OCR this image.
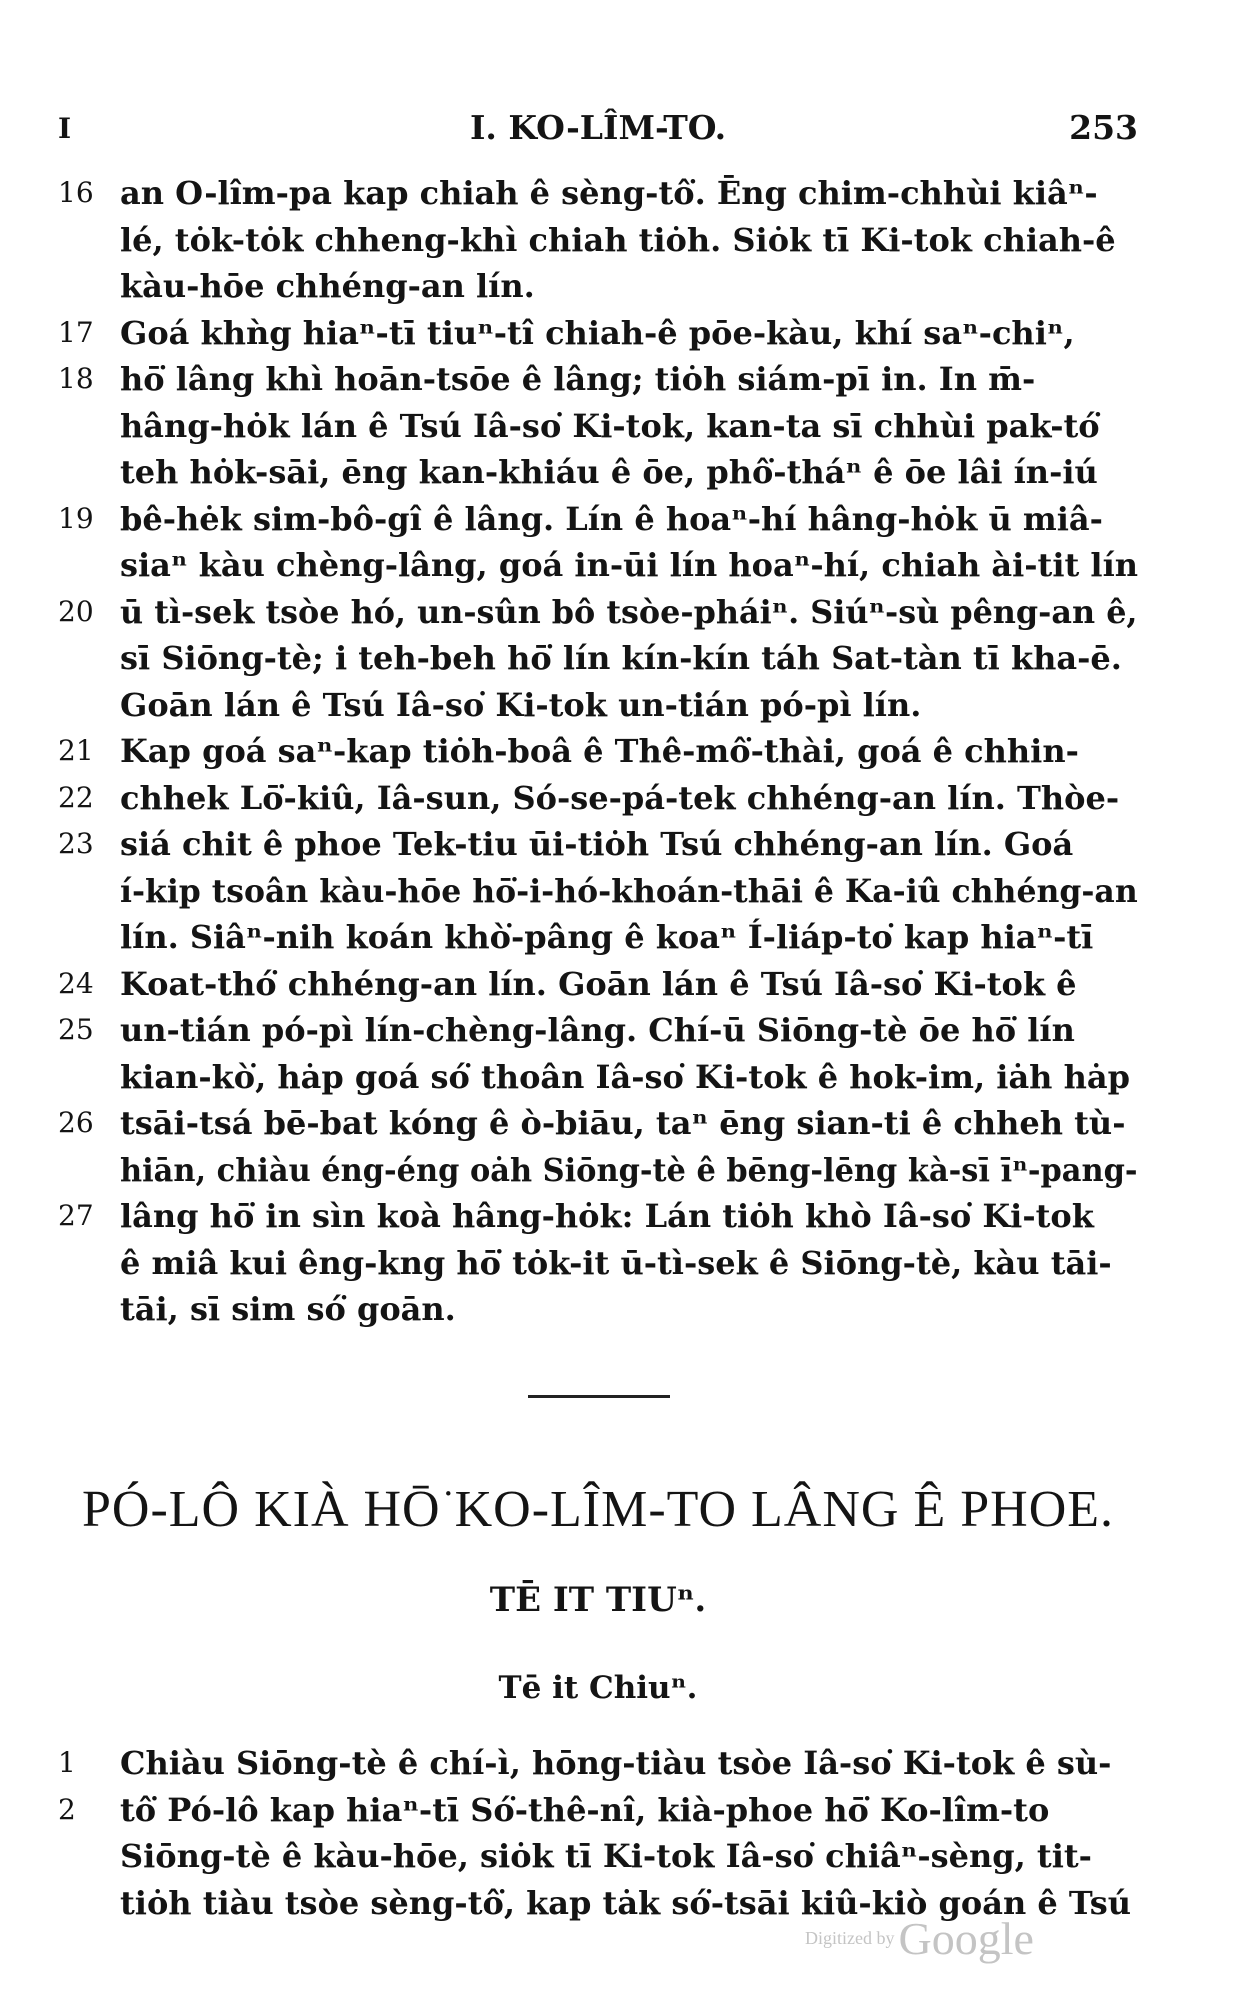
I	I. KO-LÎM-TO.	253
16 an O-lîm-pa kap chiah ê sèng-tô͘. Ēng chim-chhùi kiâⁿ-
lé, tȯk-tȯk chheng-khì chiah tiȯh. Siȯk tī Ki-tok chiah-ê
kàu-hōe chhéng-an lín.
17 Goá khǹg hiaⁿ-tī tiuⁿ-tî chiah-ê pōe-kàu, khí saⁿ-chiⁿ,
18 hō͘ lâng khì hoān-tsōe ê lâng; tiȯh siám-pī in. In m̄-
hâng-hȯk lán ê Tsú Iâ-so͘ Ki-tok, kan-ta sī chhùi pak-tó͘
teh hȯk-sāi, ēng kan-khiáu ê ōe, phô͘-tháⁿ ê ōe lâi ín-iú
19 bê-hėk sim-bô-gî ê lâng. Lín ê hoaⁿ-hí hâng-hȯk ū miâ-
siaⁿ kàu chèng-lâng, goá in-ūi lín hoaⁿ-hí, chiah ài-tit lín
20 ū tì-sek tsòe hó, un-sûn bô tsòe-pháiⁿ. Siúⁿ-sù pêng-an ê,
sī Siōng-tè; i teh-beh hō͘ lín kín-kín táh Sat-tàn tī kha-ē.
Goān lán ê Tsú Iâ-so͘ Ki-tok un-tián pó-pì lín.
21 Kap goá saⁿ-kap tiȯh-boâ ê Thê-mô͘-thài, goá ê chhin-
22 chhek Lō͘-kiû, Iâ-sun, Só-se-pá-tek chhéng-an lín. Thòe-
23 siá chit ê phoe Tek-tiu ūi-tiȯh Tsú chhéng-an lín. Goá
í-kip tsoân kàu-hōe hō͘-i-hó-khoán-thāi ê Ka-iû chhéng-an
lín. Siâⁿ-nih koán khò͘-pâng ê koaⁿ Í-liáp-to͘ kap hiaⁿ-tī
24 Koat-thó͘ chhéng-an lín. Goān lán ê Tsú Iâ-so͘ Ki-tok ê
25 un-tián pó-pì lín-chèng-lâng. Chí-ū Siōng-tè ōe hō͘ lín
kian-kò͘, hȧp goá só͘ thoân Iâ-so͘ Ki-tok ê hok-im, iȧh hȧp
26 tsāi-tsá bē-bat kóng ê ò-biāu, taⁿ ēng sian-ti ê chheh tù-
hiān, chiàu éng-éng oȧh Siōng-tè ê bēng-lēng kà-sī īⁿ-pang-
27 lâng hō͘ in sìn koà hâng-hȯk: Lán tiȯh khò Iâ-so͘ Ki-tok
ê miâ kui êng-kng hō͘ tȯk-it ū-tì-sek ê Siōng-tè, kàu tāi-
tāi, sī sim só͘ goān.
PÓ-LÔ KIÀ HŌ͘ KO-LÎM-TO LÂNG Ê PHOE.
TĒ IT TIUⁿ.
Tē it Chiuⁿ.
1	Chiàu Siōng-tè ê chí-ì, hōng-tiàu tsòe Iâ-so͘ Ki-tok ê sù-
2	tô͘ Pó-lô kap hiaⁿ-tī Só͘-thê-nî, kià-phoe hō͘ Ko-lîm-to
Siōng-tè ê kàu-hōe, siȯk tī Ki-tok Iâ-so͘ chiâⁿ-sèng, tit-
tiȯh tiàu tsòe sèng-tô͘, kap tȧk só͘-tsāi kiû-kiò goán ê Tsú
Digitized by Google
